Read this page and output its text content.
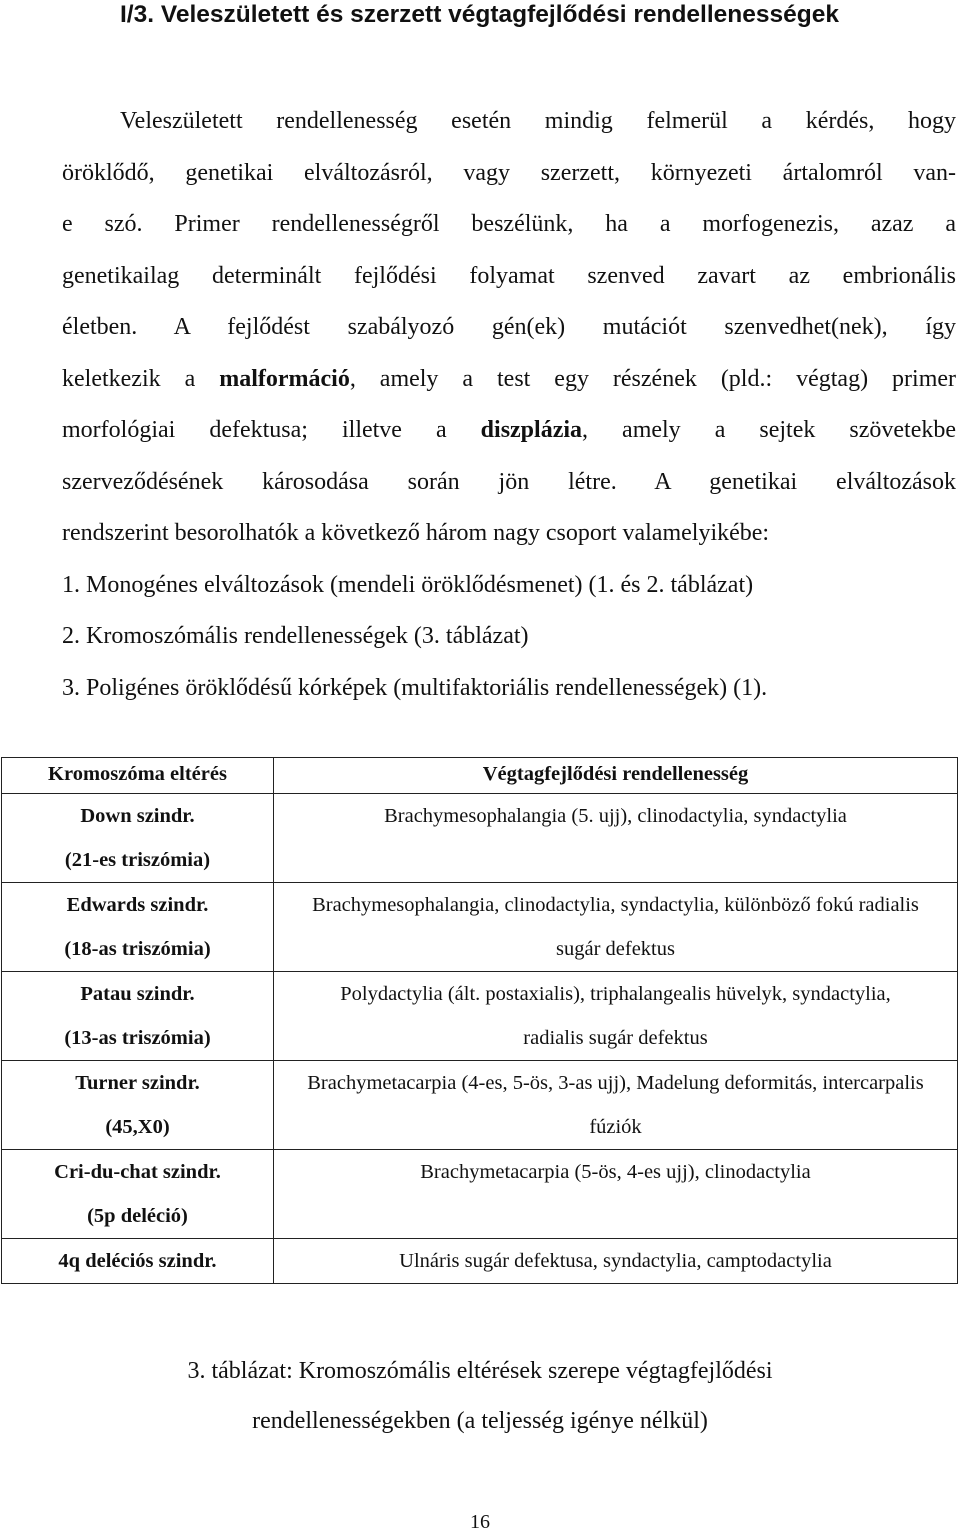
I/3. Veleszületett és szerzett végtagfejlődési rendellenességek
Veleszületett rendellenesség esetén mindig felmerül a kérdés, hogy
öröklődő, genetikai elváltozásról, vagy szerzett, környezeti ártalomról van-
e szó. Primer rendellenességről beszélünk, ha a morfogenezis, azaz a
genetikailag determinált fejlődési folyamat szenved zavart az embrionális
életben. A fejlődést szabályozó gén(ek) mutációt szenvedhet(nek), így
keletkezik a malformáció, amely a test egy részének (pld.: végtag) primer
morfológiai defektusa; illetve a diszplázia, amely a sejtek szövetekbe
szerveződésének károsodása során jön létre. A genetikai elváltozások
rendszerint besorolhatók a következő három nagy csoport valamelyikébe:
1. Monogénes elváltozások (mendeli öröklődésmenet) (1. és 2. táblázat)
2. Kromoszómális rendellenességek (3. táblázat)
3. Poligénes öröklődésű kórképek (multifaktoriális rendellenességek) (1).
Kromoszóma eltérés	Végtagfejlődési rendellenesség

Down szindr.
(21-es triszómia)	Brachymesophalangia (5. ujj), clinodactylia, syndactylia

Edwards szindr.
(18-as triszómia)	Brachymesophalangia, clinodactylia, syndactylia, különböző fokú radialis sugár defektus

Patau szindr.
(13-as triszómia)	Polydactylia (ált. postaxialis), triphalangealis hüvelyk, syndactylia, radialis sugár defektus

Turner szindr.
(45,X0)	Brachymetacarpia (4-es, 5-ös, 3-as ujj), Madelung deformitás, intercarpalis fúziók

Cri-du-chat szindr.
(5p deléció)	Brachymetacarpia (5-ös, 4-es ujj), clinodactylia

4q deléciós szindr.	Ulnáris sugár defektusa, syndactylia, camptodactylia
3. táblázat: Kromoszómális eltérések szerepe végtagfejlődési
rendellenességekben (a teljesség igénye nélkül)
16
